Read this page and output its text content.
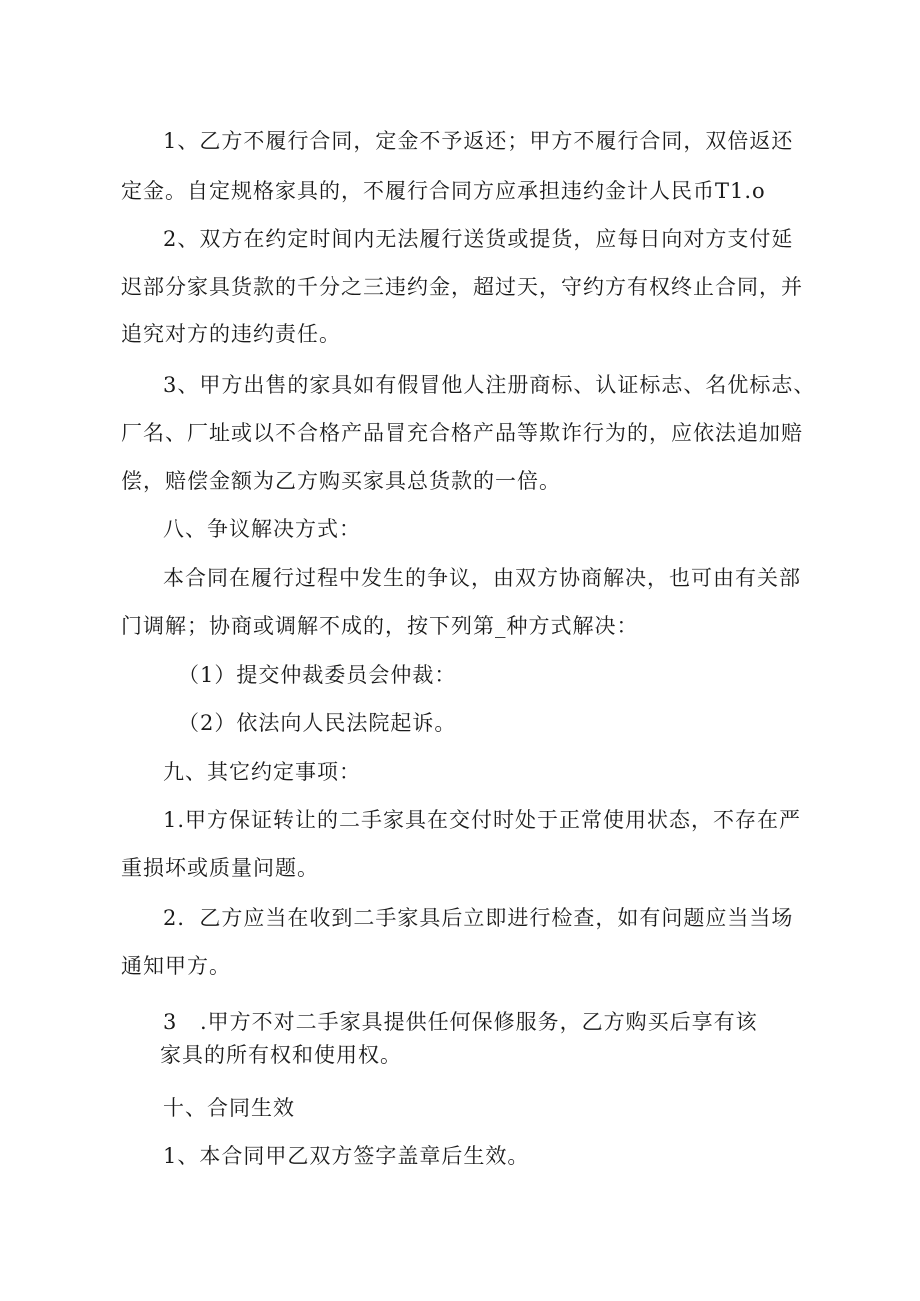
1、乙方不履行合同，定金不予返还；甲方不履行合同，双倍返还
定金。自定规格家具的，不履行合同方应承担违约金计人民币T1.o
2、双方在约定时间内无法履行送货或提货，应每日向对方支付延
迟部分家具货款的千分之三违约金，超过天，守约方有权终止合同，并
追究对方的违约责任。
3、甲方出售的家具如有假冒他人注册商标、认证标志、名优标志、
厂名、厂址或以不合格产品冒充合格产品等欺诈行为的，应依法追加赔
偿，赔偿金额为乙方购买家具总货款的一倍。
八、争议解决方式：
本合同在履行过程中发生的争议，由双方协商解决，也可由有关部
门调解；协商或调解不成的，按下列第_种方式解决：
（1）提交仲裁委员会仲裁：
（2）依法向人民法院起诉。
九、其它约定事项：
1.甲方保证转让的二手家具在交付时处于正常使用状态，不存在严
重损坏或质量问题。
2．乙方应当在收到二手家具后立即进行检查，如有问题应当当场
通知甲方。
3 .甲方不对二手家具提供任何保修服务，乙方购买后享有该
家具的所有权和使用权。
十、合同生效
1、本合同甲乙双方签字盖章后生效。
